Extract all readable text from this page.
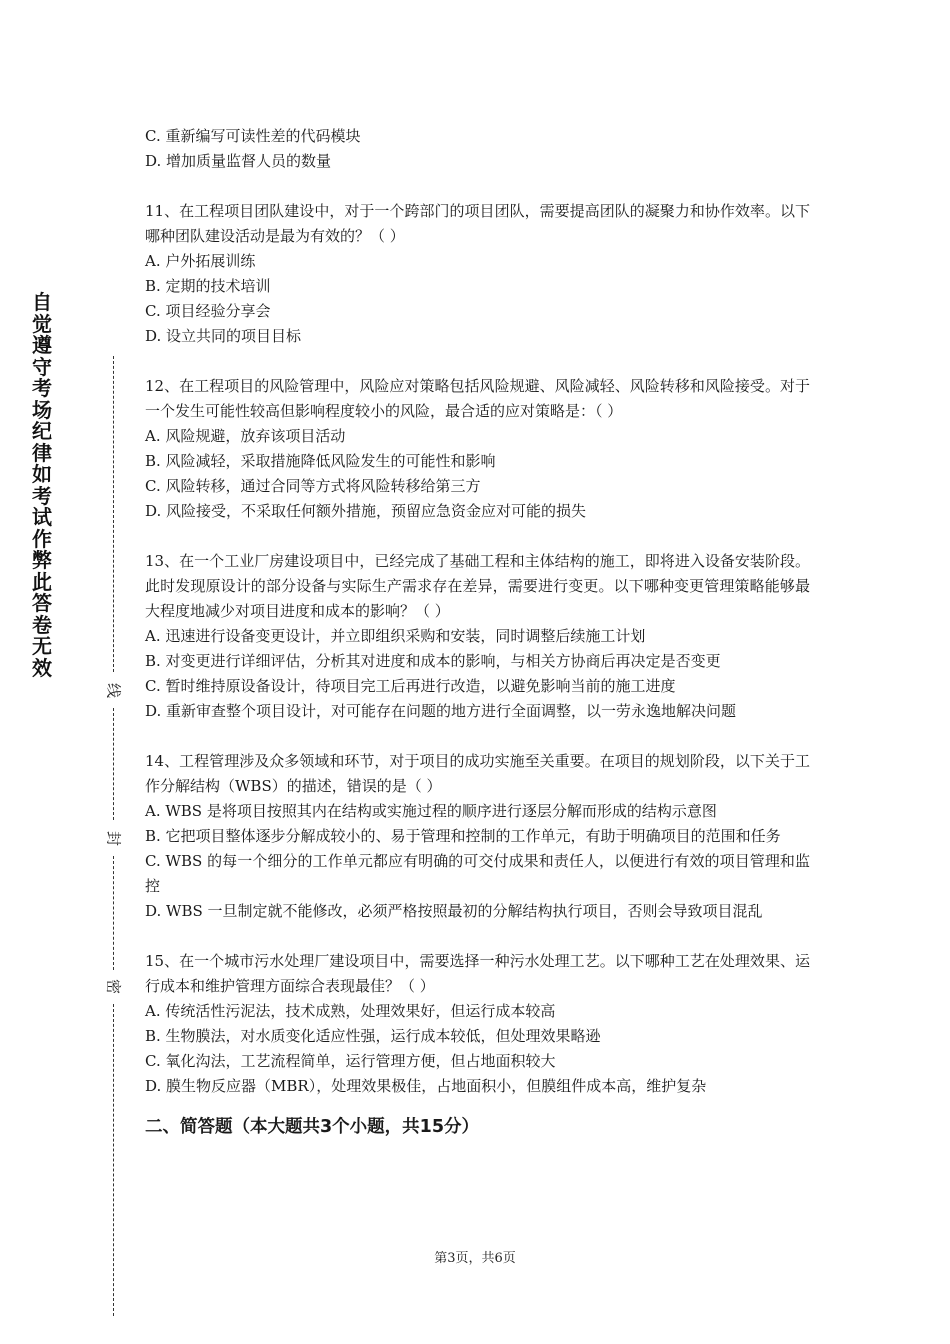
自
觉
遵
守
考
场
纪
律
如
考
试
作
弊
此
答
卷
无
效
线
封
密

C. 重新编写可读性差的代码模块

D. 增加质量监督人员的数量

11、在工程项目团队建设中，对于一个跨部门的项目团队，需要提高团队的凝聚力和协作效率。以下哪种团队建设活动是最为有效的？（ ）

A. 户外拓展训练

B. 定期的技术培训

C. 项目经验分享会

D. 设立共同的项目目标

12、在工程项目的风险管理中，风险应对策略包括风险规避、风险减轻、风险转移和风险接受。对于一个发生可能性较高但影响程度较小的风险，最合适的应对策略是：（ ）

A. 风险规避，放弃该项目活动

B. 风险减轻，采取措施降低风险发生的可能性和影响

C. 风险转移，通过合同等方式将风险转移给第三方

D. 风险接受，不采取任何额外措施，预留应急资金应对可能的损失

13、在一个工业厂房建设项目中，已经完成了基础工程和主体结构的施工，即将进入设备安装阶段。此时发现原设计的部分设备与实际生产需求存在差异，需要进行变更。以下哪种变更管理策略能够最大程度地减少对项目进度和成本的影响？（ ）

A. 迅速进行设备变更设计，并立即组织采购和安装，同时调整后续施工计划

B. 对变更进行详细评估，分析其对进度和成本的影响，与相关方协商后再决定是否变更

C. 暂时维持原设备设计，待项目完工后再进行改造，以避免影响当前的施工进度

D. 重新审查整个项目设计，对可能存在问题的地方进行全面调整，以一劳永逸地解决问题

14、工程管理涉及众多领域和环节，对于项目的成功实施至关重要。在项目的规划阶段，以下关于工作分解结构（WBS）的描述，错误的是（ ）

A. WBS 是将项目按照其内在结构或实施过程的顺序进行逐层分解而形成的结构示意图

B. 它把项目整体逐步分解成较小的、易于管理和控制的工作单元，有助于明确项目的范围和任务

C. WBS 的每一个细分的工作单元都应有明确的可交付成果和责任人，以便进行有效的项目管理和监控

D. WBS 一旦制定就不能修改，必须严格按照最初的分解结构执行项目，否则会导致项目混乱

15、在一个城市污水处理厂建设项目中，需要选择一种污水处理工艺。以下哪种工艺在处理效果、运行成本和维护管理方面综合表现最佳？（ ）

A. 传统活性污泥法，技术成熟，处理效果好，但运行成本较高

B. 生物膜法，对水质变化适应性强，运行成本较低，但处理效果略逊

C. 氧化沟法，工艺流程简单，运行管理方便，但占地面积较大

D. 膜生物反应器（MBR），处理效果极佳，占地面积小，但膜组件成本高，维护复杂

二、简答题（本大题共3个小题，共15分）

第3页，共6页
